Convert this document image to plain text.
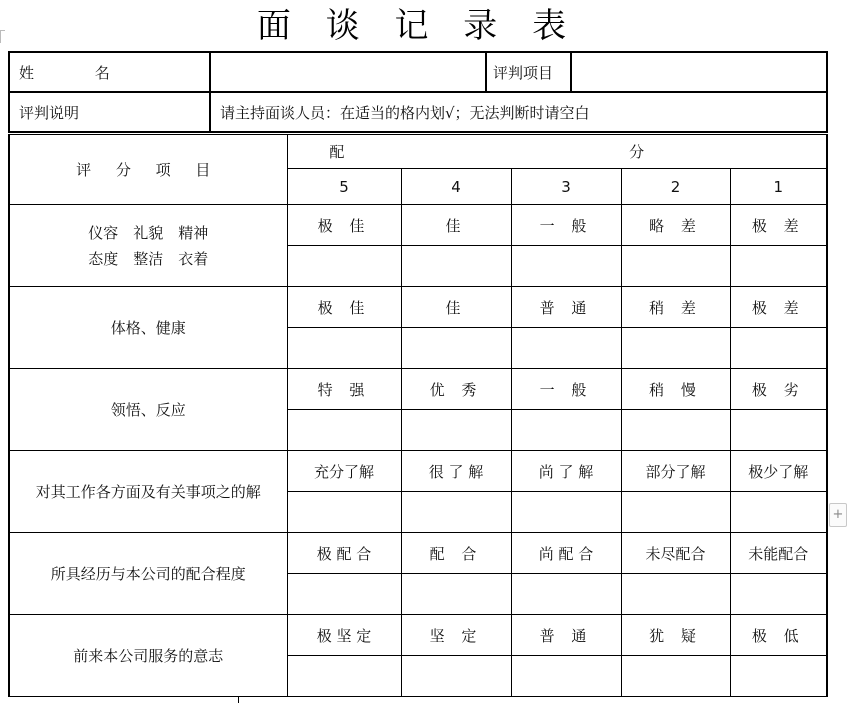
面 谈 记 录 表
姓 名		评判项目	
评判说明	请主持面谈人员：在适当的格内划√；无法判断时请空白		
评 分 项 目	配 分				
	5	4	3	2	1

仪容　礼貌　精神
态度　整洁　衣着	极 佳	佳	一 般	略 差	极 差

体格、健康	极 佳	佳	普 通	稍 差	极 差

领悟、反应	特 强	优 秀	一 般	稍 慢	极 劣

对其工作各方面及有关事项之的解	充分了解	很 了 解	尚 了 解	部分了解	极少了解

所具经历与本公司的配合程度	极 配 合	配 合	尚 配 合	未尽配合	未能配合

前来本公司服务的意志	极 坚 定	坚 定	普 通	犹 疑	极 低

+
